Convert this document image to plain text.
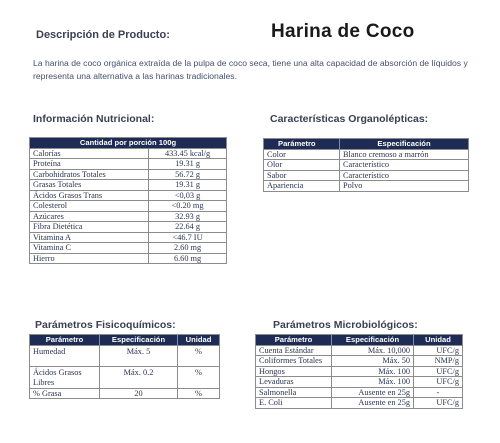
Descripción de Producto:	Harina de Coco
La harina de coco orgánica extraída de la pulpa de coco seca, tiene una alta capacidad de absorción de líquidos y representa una alternativa a las harinas tradicionales.
Información Nutricional:
Cantidad por porción 100g	
Calorías	433.45 kcal/g
Proteína	19.31 g
Carbohidratos Totales	56.72 g
Grasas Totales	19.31 g
Ácidos Grasos Trans	<0,03 g
Colesterol	<0.20 mg
Azúcares	32.93 g
Fibra Dietética	22.64 g
Vitamina A	<46.7 IU
Vitamina C	2.60 mg
Hierro	6.60 mg
Características Organolépticas:
Parámetro	Especificación
Color	Blanco cremoso a marrón
Olor	Característico
Sabor	Característico
Apariencia	Polvo
Parámetros Fisicoquímicos:
Parámetro	Especificación	Unidad
Humedad	Máx. 5	%
Ácidos Grasos Libres	Máx. 0.2	%
% Grasa	20	%
Parámetros Microbiológicos:
Parámetro	Especificación	Unidad
Cuenta Estándar	Máx. 10,000	UFC/g
Coliformes Totales	Máx. 50	NMP/g
Hongos	Máx. 100	UFC/g
Levaduras	Máx. 100	UFC/g
Salmonella	Ausente en 25g	-
E. Coli	Ausente en 25g	UFC/g
